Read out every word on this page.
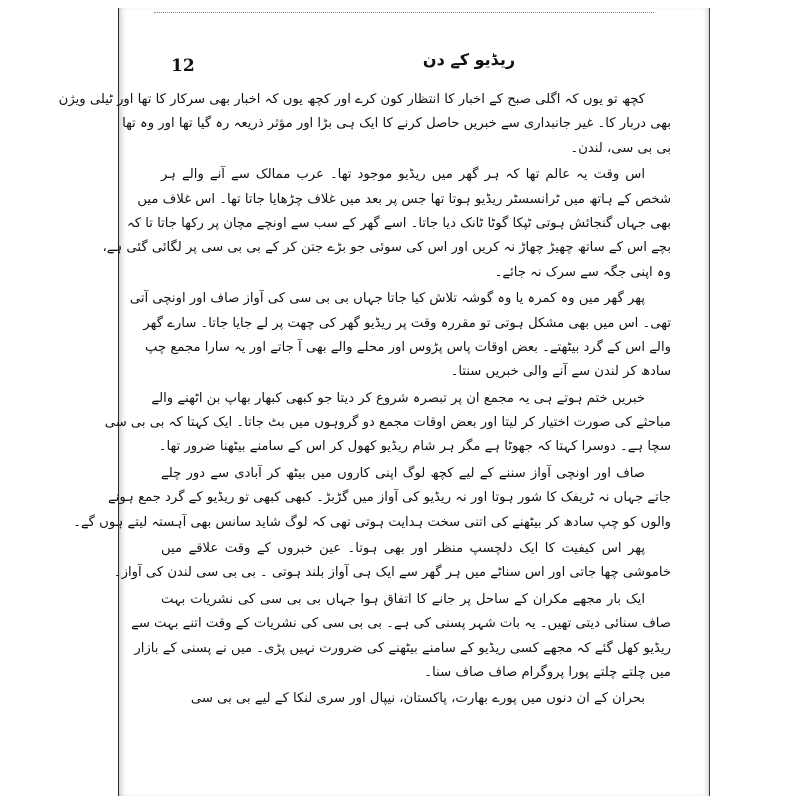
12	ریڈیو کے دن
کچھ تو یوں کہ اگلی صبح کے اخبار کا انتظار کون کرے اور کچھ یوں کہ اخبار بھی سرکار کا تھا اور ٹیلی ویژن
بھی دربار کا۔ غیر جانبداری سے خبریں حاصل کرنے کا ایک ہی بڑا اور مؤثر ذریعہ رہ گیا تھا اور وہ تھا
بی بی سی، لندن۔
اس وقت یہ عالم تھا کہ ہر گھر میں ریڈیو موجود تھا۔ عرب ممالک سے آنے والے ہر
شخص کے ہاتھ میں ٹرانسسٹر ریڈیو ہوتا تھا جس پر بعد میں غلاف چڑھایا جاتا تھا۔ اس غلاف میں
بھی جہاں گنجائش ہوتی ٹپکا گوٹا ٹانک دیا جاتا۔ اسے گھر کے سب سے اونچے مچان پر رکھا جاتا تا کہ
بچے اس کے ساتھ چھیڑ چھاڑ نہ کریں اور اس کی سوئی جو بڑے جتن کر کے بی بی سی پر لگائی گئی ہے،
وہ اپنی جگہ سے سرک نہ جائے۔
پھر گھر میں وہ کمرہ یا وہ گوشہ تلاش کیا جاتا جہاں بی بی سی کی آواز صاف اور اونچی آتی
تھی۔ اس میں بھی مشکل ہوتی تو مقررہ وقت پر ریڈیو گھر کی چھت پر لے جایا جاتا۔ سارے گھر
والے اس کے گرد بیٹھتے۔ بعض اوقات پاس پڑوس اور محلے والے بھی آ جاتے اور یہ سارا مجمع چپ
سادھ کر لندن سے آنے والی خبریں سنتا۔
خبریں ختم ہوتے ہی یہ مجمع ان پر تبصرہ شروع کر دیتا جو کبھی کبھار بھاپ بن اٹھنے والے
مباحثے کی صورت اختیار کر لیتا اور بعض اوقات مجمع دو گروہوں میں بٹ جاتا۔ ایک کہتا کہ بی بی سی
سچا ہے۔ دوسرا کہتا کہ جھوٹا ہے مگر ہر شام ریڈیو کھول کر اس کے سامنے بیٹھنا ضرور تھا۔
صاف اور اونچی آواز سننے کے لیے کچھ لوگ اپنی کاروں میں بیٹھ کر آبادی سے دور چلے
جاتے جہاں نہ ٹریفک کا شور ہوتا اور نہ ریڈیو کی آواز میں گڑبڑ۔ کبھی کبھی تو ریڈیو کے گرد جمع ہونے
والوں کو چپ سادھ کر بیٹھنے کی اتنی سخت ہدایت ہوتی تھی کہ لوگ شاید سانس بھی آہستہ لیتے ہوں گے۔
پھر اس کیفیت کا ایک دلچسپ منظر اور بھی ہوتا۔ عین خبروں کے وقت علاقے میں
خاموشی چھا جاتی اور اس سناٹے میں ہر گھر سے ایک ہی آواز بلند ہوتی ۔ بی بی سی لندن کی آواز۔
ایک بار مجھے مکران کے ساحل پر جانے کا اتفاق ہوا جہاں بی بی سی کی نشریات بہت
صاف سنائی دیتی تھیں۔ یہ بات شہر پسنی کی ہے۔ بی بی سی کی نشریات کے وقت اتنے بہت سے
ریڈیو کھل گئے کہ مجھے کسی ریڈیو کے سامنے بیٹھنے کی ضرورت نہیں پڑی۔ میں نے پسنی کے بازار
میں چلتے چلتے پورا پروگرام صاف صاف سنا۔
بحران کے ان دنوں میں پورے بھارت، پاکستان، نیپال اور سری لنکا کے لیے بی بی سی
